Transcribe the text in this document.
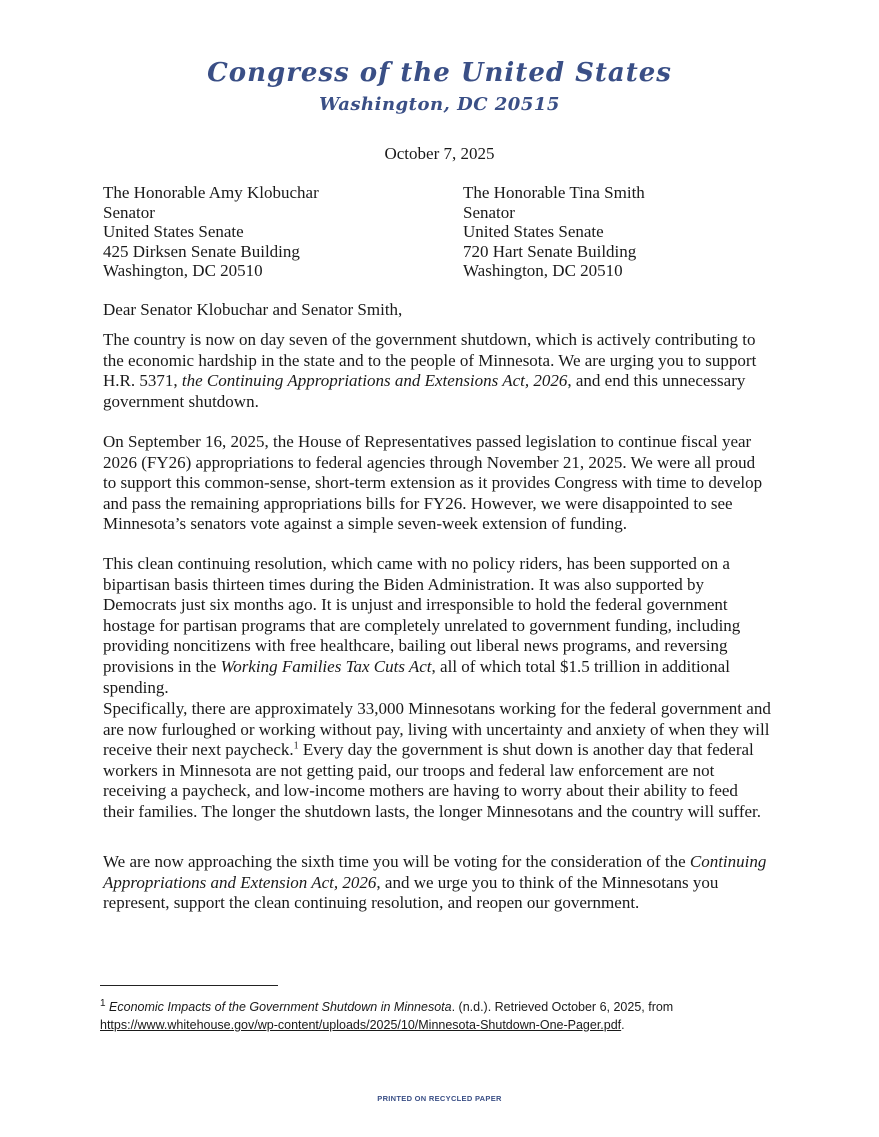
Congress of the United States
Washington, DC 20515
October 7, 2025
The Honorable Amy Klobuchar
Senator
United States Senate
425 Dirksen Senate Building
Washington, DC 20510
The Honorable Tina Smith
Senator
United States Senate
720 Hart Senate Building
Washington, DC 20510
Dear Senator Klobuchar and Senator Smith,
The country is now on day seven of the government shutdown, which is actively contributing to the economic hardship in the state and to the people of Minnesota. We are urging you to support H.R. 5371, the Continuing Appropriations and Extensions Act, 2026, and end this unnecessary government shutdown.
On September 16, 2025, the House of Representatives passed legislation to continue fiscal year 2026 (FY26) appropriations to federal agencies through November 21, 2025. We were all proud to support this common-sense, short-term extension as it provides Congress with time to develop and pass the remaining appropriations bills for FY26. However, we were disappointed to see Minnesota’s senators vote against a simple seven-week extension of funding.
This clean continuing resolution, which came with no policy riders, has been supported on a bipartisan basis thirteen times during the Biden Administration. It was also supported by Democrats just six months ago. It is unjust and irresponsible to hold the federal government hostage for partisan programs that are completely unrelated to government funding, including providing noncitizens with free healthcare, bailing out liberal news programs, and reversing provisions in the Working Families Tax Cuts Act, all of which total $1.5 trillion in additional spending.
Specifically, there are approximately 33,000 Minnesotans working for the federal government and are now furloughed or working without pay, living with uncertainty and anxiety of when they will receive their next paycheck.$^1$ Every day the government is shut down is another day that federal workers in Minnesota are not getting paid, our troops and federal law enforcement are not receiving a paycheck, and low-income mothers are having to worry about their ability to feed their families. The longer the shutdown lasts, the longer Minnesotans and the country will suffer.
We are now approaching the sixth time you will be voting for the consideration of the Continuing Appropriations and Extension Act, 2026, and we urge you to think of the Minnesotans you represent, support the clean continuing resolution, and reopen our government.
$^1$ Economic Impacts of the Government Shutdown in Minnesota. (n.d.). Retrieved October 6, 2025, from
https://www.whitehouse.gov/wp-content/uploads/2025/10/Minnesota-Shutdown-One-Pager.pdf.
PRINTED ON RECYCLED PAPER
